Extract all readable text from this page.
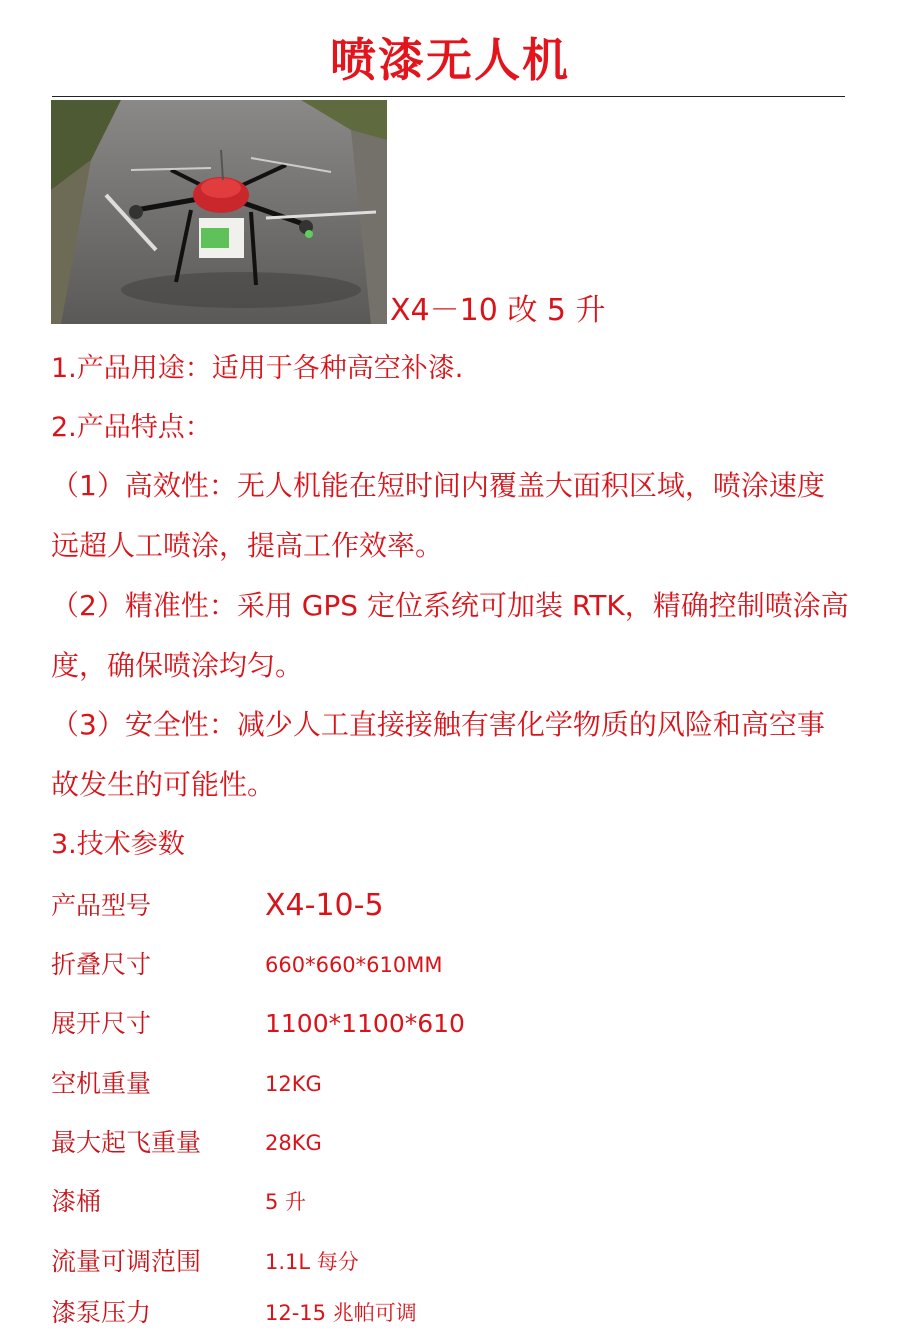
喷漆无人机
X4－10 改 5 升
1.产品用途：适用于各种高空补漆.
2.产品特点：
（1）高效性：无人机能在短时间内覆盖大面积区域，喷涂速度远超人工喷涂，提高工作效率。
（2）精准性：采用 GPS 定位系统可加装 RTK，精确控制喷涂高度，确保喷涂均匀。
（3）安全性：减少人工直接接触有害化学物质的风险和高空事故发生的可能性。
3.技术参数
产品型号	X4-10-5
折叠尺寸	660*660*610MM
展开尺寸	1100*1100*610
空机重量	12KG
最大起飞重量	28KG
漆桶	5 升
流量可调范围	1.1L 每分
漆泵压力	12-15 兆帕可调
